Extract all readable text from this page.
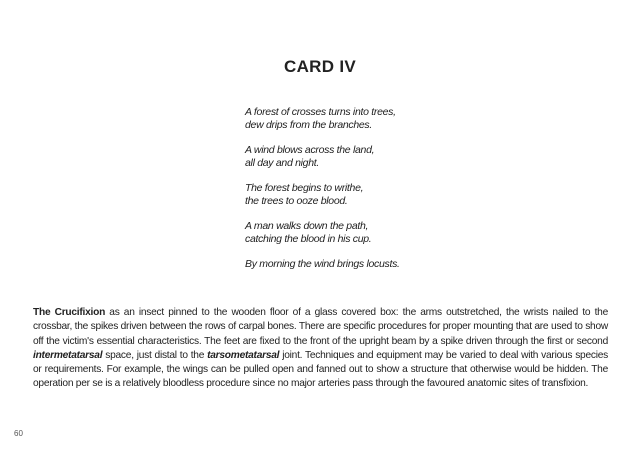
CARD IV

A forest of crosses turns into trees,
dew drips from the branches.

A wind blows across the land,
all day and night.

The forest begins to writhe,
the trees to ooze blood.

A man walks down the path,
catching the blood in his cup.

By morning the wind brings locusts.

The Crucifixion as an insect pinned to the wooden floor of a glass covered box: the arms outstretched, the wrists nailed to the crossbar, the spikes driven between the rows of carpal bones. There are specific procedures for proper mounting that are used to show off the victim's essential characteristics. The feet are fixed to the front of the upright beam by a spike driven through the first or second intermetatarsal space, just distal to the tarsometatarsal joint. Techniques and equipment may be varied to deal with various species or requirements. For example, the wings can be pulled open and fanned out to show a structure that otherwise would be hidden. The operation per se is a relatively bloodless procedure since no major arteries pass through the favoured anatomic sites of transfixion.

60
